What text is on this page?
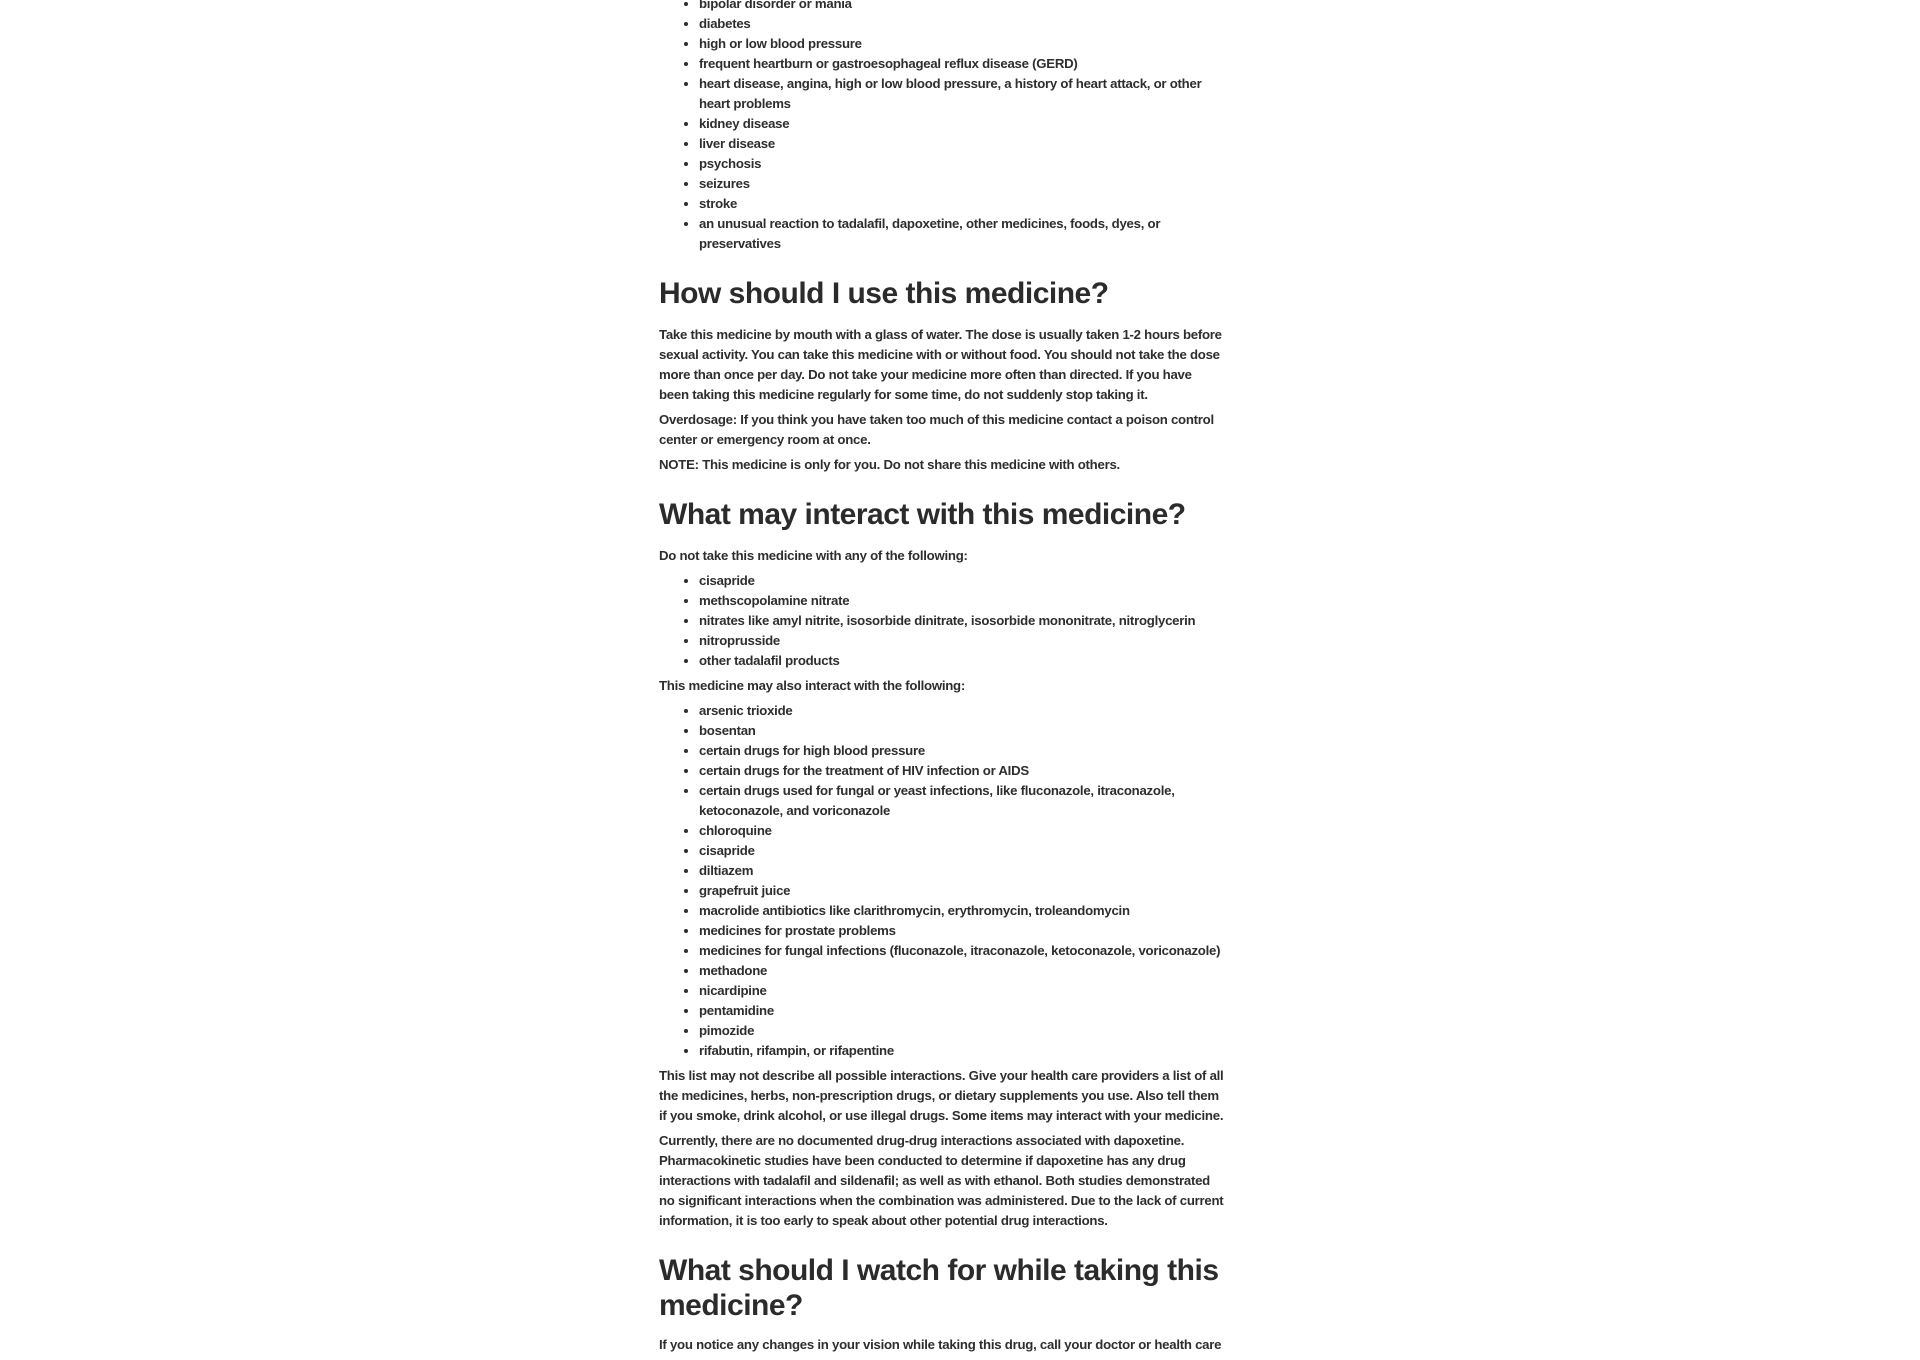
• bipolar disorder or mania
• diabetes
• high or low blood pressure
• frequent heartburn or gastroesophageal reflux disease (GERD)
• heart disease, angina, high or low blood pressure, a history of heart attack, or other heart problems
• kidney disease
• liver disease
• psychosis
• seizures
• stroke
• an unusual reaction to tadalafil, dapoxetine, other medicines, foods, dyes, or preservatives
How should I use this medicine?

Take this medicine by mouth with a glass of water. The dose is usually taken 1-2 hours before sexual activity. You can take this medicine with or without food. You should not take the dose more than once per day. Do not take your medicine more often than directed. If you have been taking this medicine regularly for some time, do not suddenly stop taking it.

Overdosage: If you think you have taken too much of this medicine contact a poison control center or emergency room at once.

NOTE: This medicine is only for you. Do not share this medicine with others.

What may interact with this medicine?

Do not take this medicine with any of the following:

• cisapride
• methscopolamine nitrate
• nitrates like amyl nitrite, isosorbide dinitrate, isosorbide mononitrate, nitroglycerin
• nitroprusside
• other tadalafil products

This medicine may also interact with the following:

• arsenic trioxide
• bosentan
• certain drugs for high blood pressure
• certain drugs for the treatment of HIV infection or AIDS
• certain drugs used for fungal or yeast infections, like fluconazole, itraconazole, ketoconazole, and voriconazole
• chloroquine
• cisapride
• diltiazem
• grapefruit juice
• macrolide antibiotics like clarithromycin, erythromycin, troleandomycin
• medicines for prostate problems
• medicines for fungal infections (fluconazole, itraconazole, ketoconazole, voriconazole)
• methadone
• nicardipine
• pentamidine
• pimozide
• rifabutin, rifampin, or rifapentine

This list may not describe all possible interactions. Give your health care providers a list of all the medicines, herbs, non-prescription drugs, or dietary supplements you use. Also tell them if you smoke, drink alcohol, or use illegal drugs. Some items may interact with your medicine.

Currently, there are no documented drug-drug interactions associated with dapoxetine. Pharmacokinetic studies have been conducted to determine if dapoxetine has any drug interactions with tadalafil and sildenafil; as well as with ethanol. Both studies demonstrated no significant interactions when the combination was administered. Due to the lack of current information, it is too early to speak about other potential drug interactions.

What should I watch for while taking this medicine?

If you notice any changes in your vision while taking this drug, call your doctor or health care
